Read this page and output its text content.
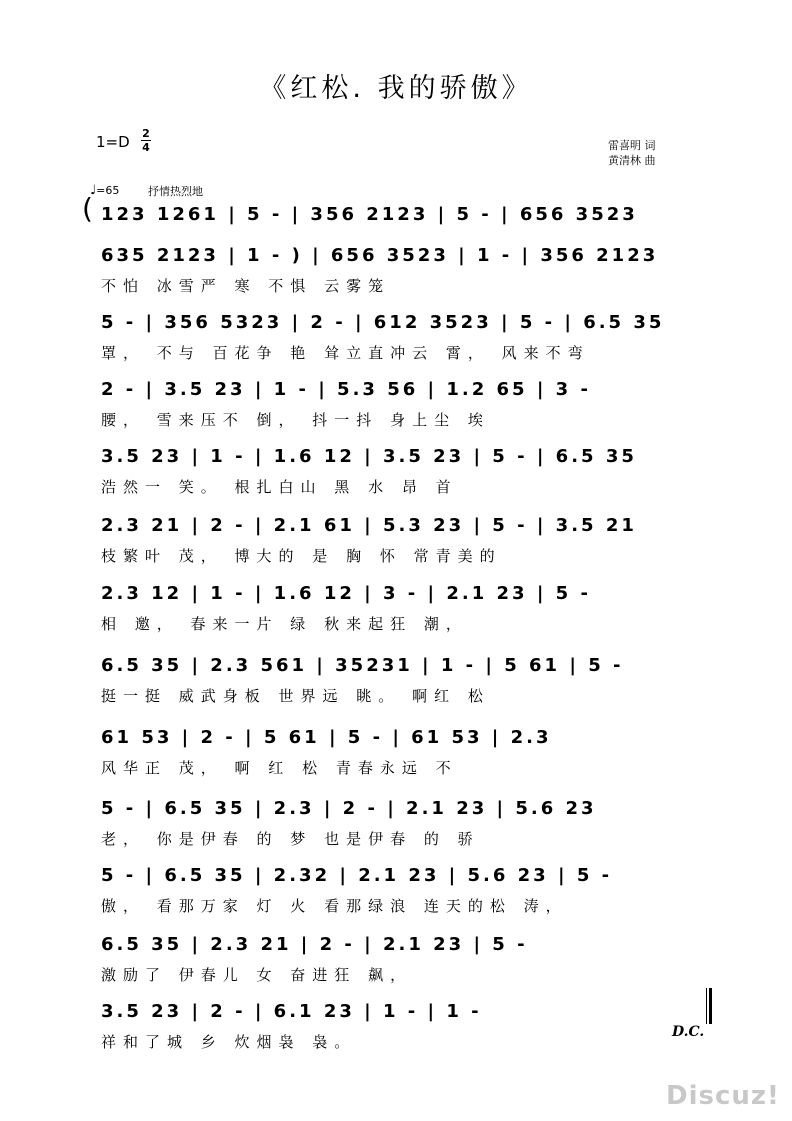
《红松. 我的骄傲》
1=D 2
4	雷喜明 词
黄清林 曲
♩=65	抒情热烈地
( 123 1261 | 5 - | 356 2123 | 5 - | 656 3523
635 2123 | 1 - ) | 656 3523 | 1 - | 356 2123
不怕 冰雪严 寒 不惧 云雾笼
5 - | 356 5323 | 2 - | 612 3523 | 5 - | 6.5 35
罩， 不与 百花争 艳 耸立直冲云 霄， 风来不弯
2 - | 3.5 23 | 1 - | 5.3 56 | 1.2 65 | 3 -
腰， 雪来压不 倒， 抖一抖 身上尘 埃
3.5 23 | 1 - | 1.6 12 | 3.5 23 | 5 - | 6.5 35
浩然一 笑。 根扎白山 黑 水 昂 首
2.3 21 | 2 - | 2.1 61 | 5.3 23 | 5 - | 3.5 21
枝繁叶 茂， 博大的 是 胸 怀 常青美的
2.3 12 | 1 - | 1.6 12 | 3 - | 2.1 23 | 5 -
相 邀， 春来一片 绿 秋来起狂 潮，
6.5 35 | 2.3 561 | 35231 | 1 - | 5 61 | 5 -
挺一挺 威武身板 世界远 眺。 啊红 松
61 53 | 2 - | 5 61 | 5 - | 61 53 | 2.3
风华正 茂， 啊 红 松 青春永远 不
5 - | 6.5 35 | 2.3 | 2 - | 2.1 23 | 5.6 23
老， 你是伊春 的 梦 也是伊春 的 骄
5 - | 6.5 35 | 2.32 | 2.1 23 | 5.6 23 | 5 -
傲， 看那万家 灯 火 看那绿浪 连天的松 涛，
6.5 35 | 2.3 21 | 2 - | 2.1 23 | 5 -
激励了 伊春儿 女 奋进狂 飙，
3.5 23 | 2 - | 6.1 23 | 1 - | 1 -
祥和了城 乡 炊烟袅 袅。
D.C.
Discuz!
